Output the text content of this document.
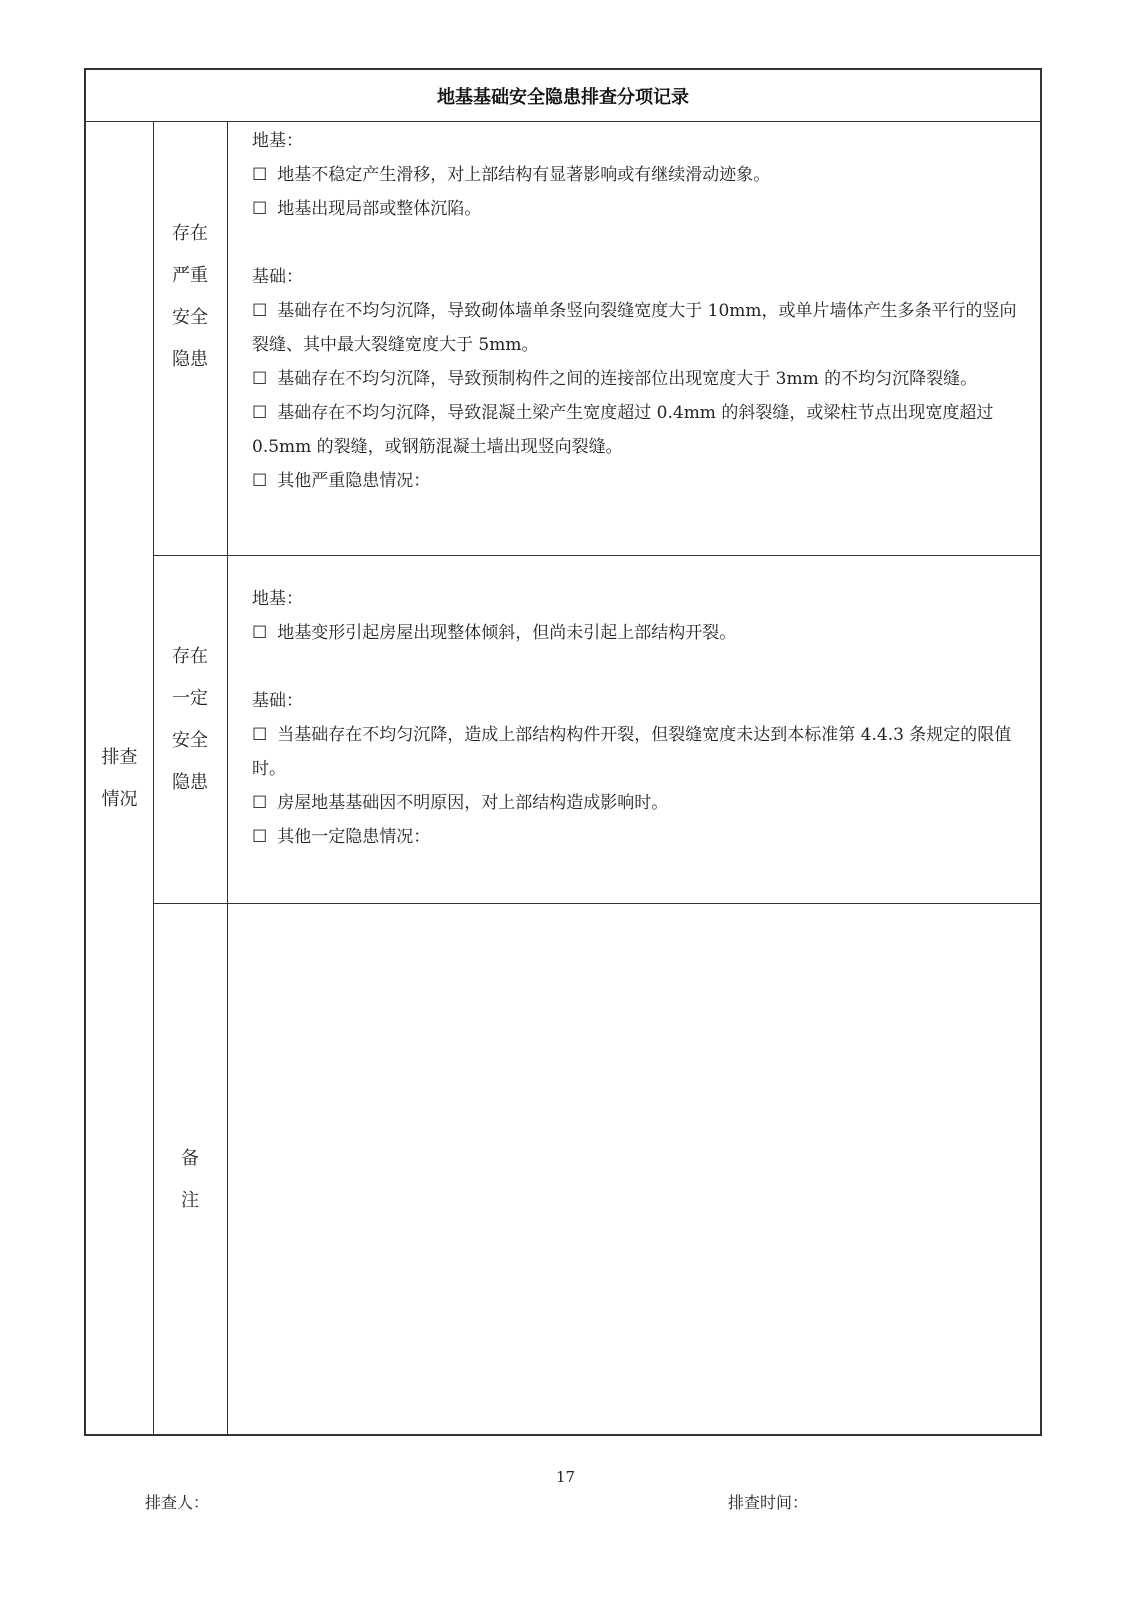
地基基础安全隐患排查分项记录
排查
情况
存在
严重
安全
隐患

地基：

☐ 地基不稳定产生滑移，对上部结构有显著影响或有继续滑动迹象。

☐ 地基出现局部或整体沉陷。

基础：

☐ 基础存在不均匀沉降，导致砌体墙单条竖向裂缝宽度大于 10mm，或单片墙体产生多条平行的竖向裂缝、其中最大裂缝宽度大于 5mm。

☐ 基础存在不均匀沉降，导致预制构件之间的连接部位出现宽度大于 3mm 的不均匀沉降裂缝。

☐ 基础存在不均匀沉降，导致混凝土梁产生宽度超过 0.4mm 的斜裂缝，或梁柱节点出现宽度超过 0.5mm 的裂缝，或钢筋混凝土墙出现竖向裂缝。

☐ 其他严重隐患情况：

存在
一定
安全
隐患

地基：

☐ 地基变形引起房屋出现整体倾斜，但尚未引起上部结构开裂。

基础：

☐ 当基础存在不均匀沉降，造成上部结构构件开裂，但裂缝宽度未达到本标准第 4.4.3 条规定的限值时。

☐ 房屋地基基础因不明原因，对上部结构造成影响时。

☐ 其他一定隐患情况：

备
注
17
排查人：	排查时间：
